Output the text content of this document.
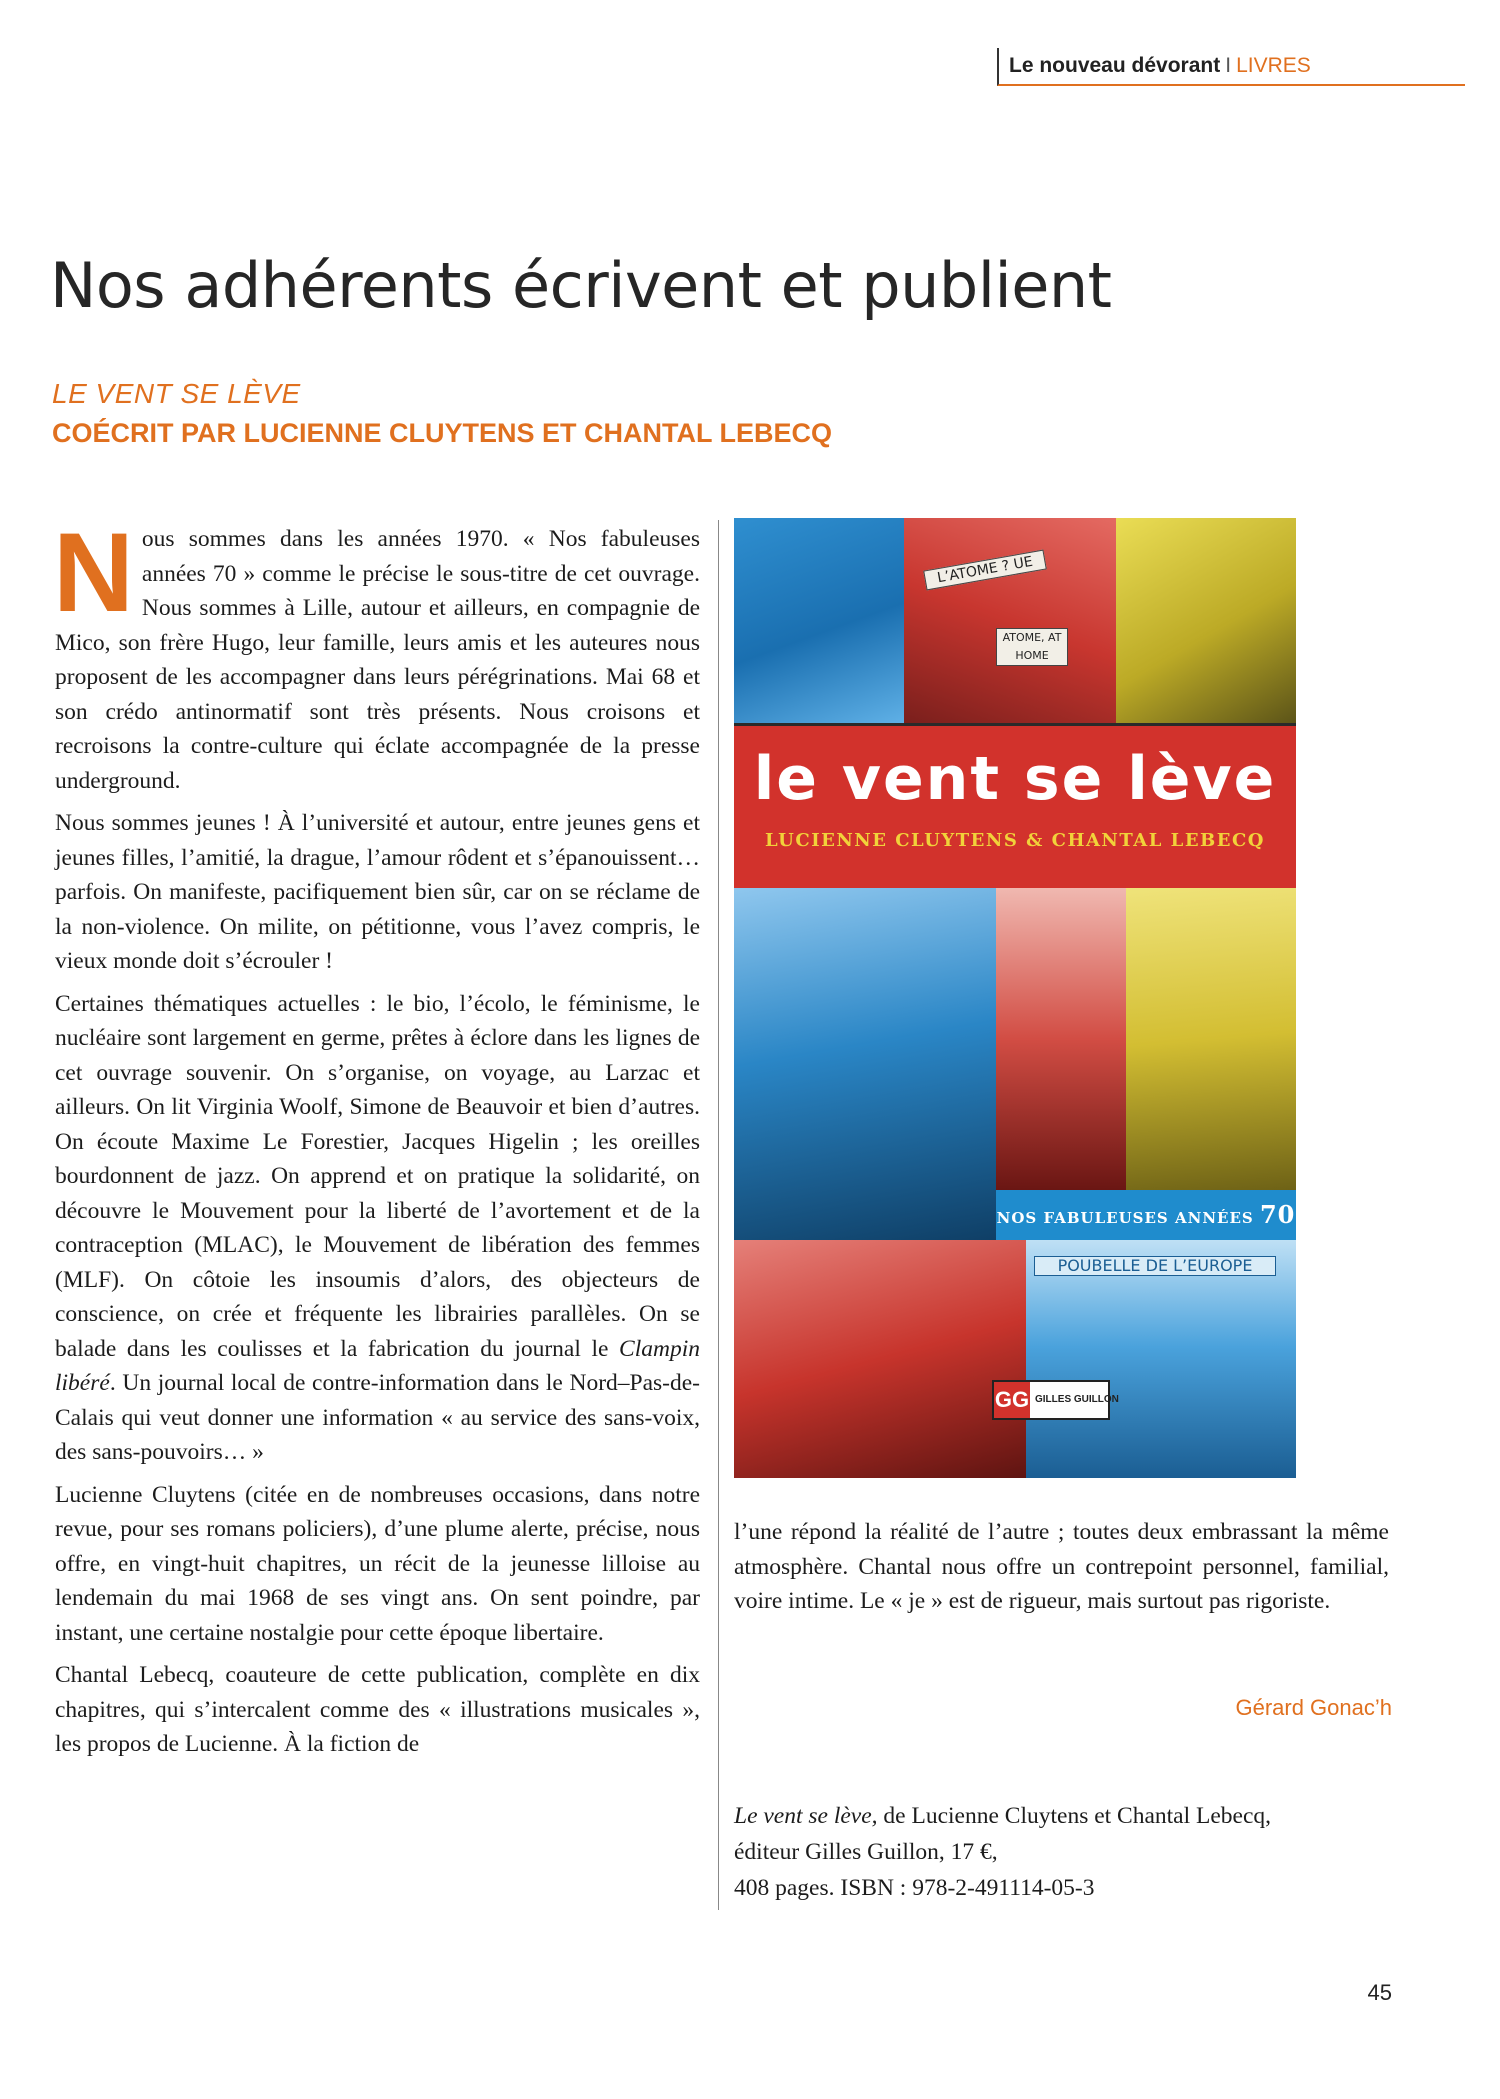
Le nouveau dévorant I LIVRES
Nos adhérents écrivent et publient
LE VENT SE LÈVE
COÉCRIT PAR LUCIENNE CLUYTENS ET CHANTAL LEBECQ

Nous sommes dans les années 1970. « Nos fabuleuses années 70 » comme le précise le sous-titre de cet ouvrage. Nous sommes à Lille, autour et ailleurs, en compagnie de Mico, son frère Hugo, leur famille, leurs amis et les auteures nous proposent de les accompagner dans leurs pérégrinations. Mai 68 et son crédo antinormatif sont très présents. Nous croisons et recroisons la contre-culture qui éclate accompagnée de la presse underground.

Nous sommes jeunes ! À l’université et autour, entre jeunes gens et jeunes filles, l’amitié, la drague, l’amour rôdent et s’épanouissent… parfois. On manifeste, pacifiquement bien sûr, car on se réclame de la non-violence. On milite, on pétitionne, vous l’avez compris, le vieux monde doit s’écrouler !

Certaines thématiques actuelles : le bio, l’écolo, le féminisme, le nucléaire sont largement en germe, prêtes à éclore dans les lignes de cet ouvrage souvenir. On s’organise, on voyage, au Larzac et ailleurs. On lit Virginia Woolf, Simone de Beauvoir et bien d’autres. On écoute Maxime Le Forestier, Jacques Higelin ; les oreilles bourdonnent de jazz. On apprend et on pratique la solidarité, on découvre le Mouvement pour la liberté de l’avortement et de la contraception (MLAC), le Mouvement de libération des femmes (MLF). On côtoie les insoumis d’alors, des objecteurs de conscience, on crée et fréquente les librairies parallèles. On se balade dans les coulisses et la fabrication du journal le Clampin libéré. Un journal local de contre-information dans le Nord–Pas-de-Calais qui veut donner une information « au service des sans-voix, des sans-pouvoirs… »

Lucienne Cluytens (citée en de nombreuses occasions, dans notre revue, pour ses romans policiers), d’une plume alerte, précise, nous offre, en vingt-huit chapitres, un récit de la jeunesse lilloise au lendemain du mai 1968 de ses vingt ans. On sent poindre, par instant, une certaine nostalgie pour cette époque libertaire.

Chantal Lebecq, coauteure de cette publication, complète en dix chapitres, qui s’intercalent comme des « illustrations musicales », les propos de Lucienne. À la fiction de

L’ATOME ? UE
ATOME, AT HOME
le vent se lève
LUCIENNE CLUYTENS & CHANTAL LEBECQ
NOS FABULEUSES ANNÉES 70
POUBELLE DE L’EUROPE
GG GILLES GUILLON

l’une répond la réalité de l’autre ; toutes deux embrassant la même atmosphère. Chantal nous offre un contrepoint personnel, familial, voire intime. Le « je » est de rigueur, mais surtout pas rigoriste.

Gérard Gonac’h
Le vent se lève, de Lucienne Cluytens et Chantal Lebecq,
éditeur Gilles Guillon, 17 €,
408 pages. ISBN : 978-2-491114-05-3
45
